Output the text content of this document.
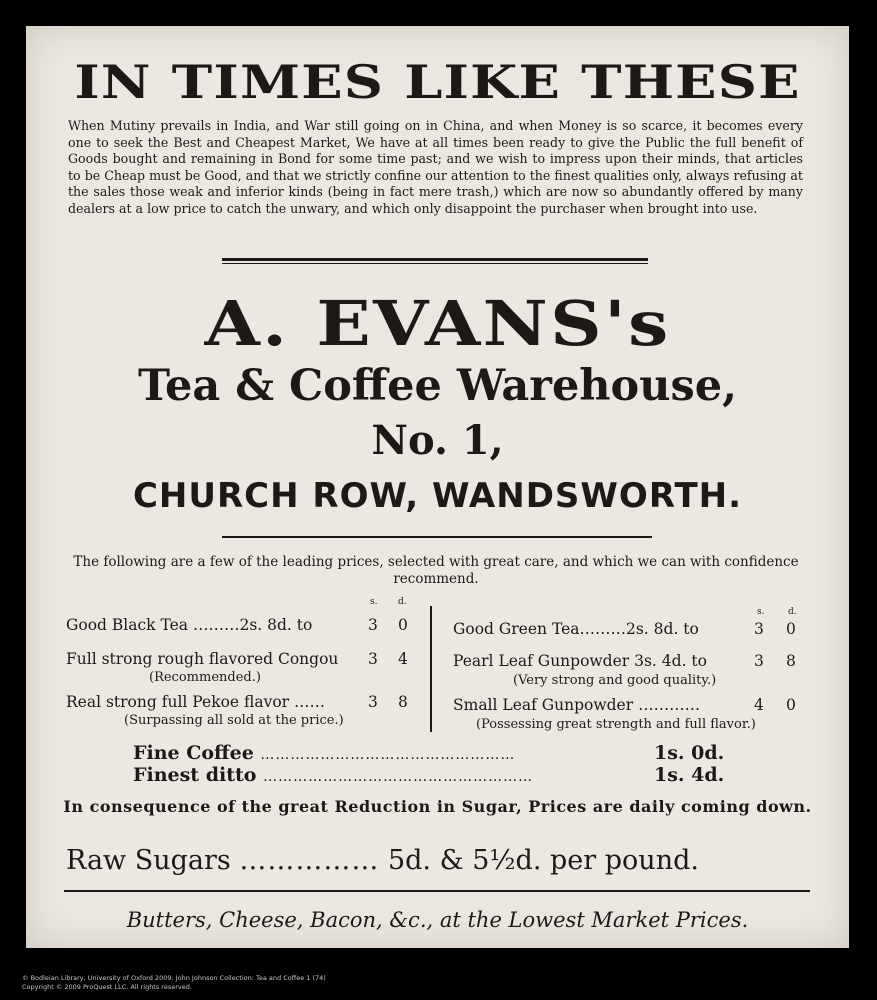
IN TIMES LIKE THESE
When Mutiny prevails in India, and War still going on in China, and when Money is so scarce, it becomes every one to seek the Best and Cheapest Market, We have at all times been ready to give the Public the full benefit of Goods bought and remaining in Bond for some time past; and we wish to impress upon their minds, that articles to be Cheap must be Good, and that we strictly confine our attention to the finest qualities only, always refusing at the sales those weak and inferior kinds (being in fact mere trash,) which are now so abundantly offered by many dealers at a low price to catch the unwary, and which only disappoint the purchaser when brought into use.
A. EVANS's
Tea & Coffee Warehouse,
No. 1,
CHURCH ROW, WANDSWORTH.
The following are a few of the leading prices, selected with great care, and which we can with confidence recommend.
s. d.
s.	d.
Good Black Tea ………2s. 8d. to	3 0
Full strong rough flavored Congou 3 4
(Recommended.)
Real strong full Pekoe flavor ……	3 8
(Surpassing all sold at the price.)
Good Green Tea………2s. 8d. to	3 0
Pearl Leaf Gunpowder 3s. 4d. to	3 8
(Very strong and good quality.)
Small Leaf Gunpowder …………	4 0
(Possessing great strength and full flavor.)
Fine Coffee ……………………………………………	1s. 0d.
Finest ditto ………………………………………………	1s. 4d.
In consequence of the great Reduction in Sugar, Prices are daily coming down.
Raw Sugars …………… 5d. & 5½d. per pound.
Butters, Cheese, Bacon, &c., at the Lowest Market Prices.
© Bodleian Library, University of Oxford 2009: John Johnson Collection: Tea and Coffee 1 (74)
Copyright © 2009 ProQuest LLC. All rights reserved.
